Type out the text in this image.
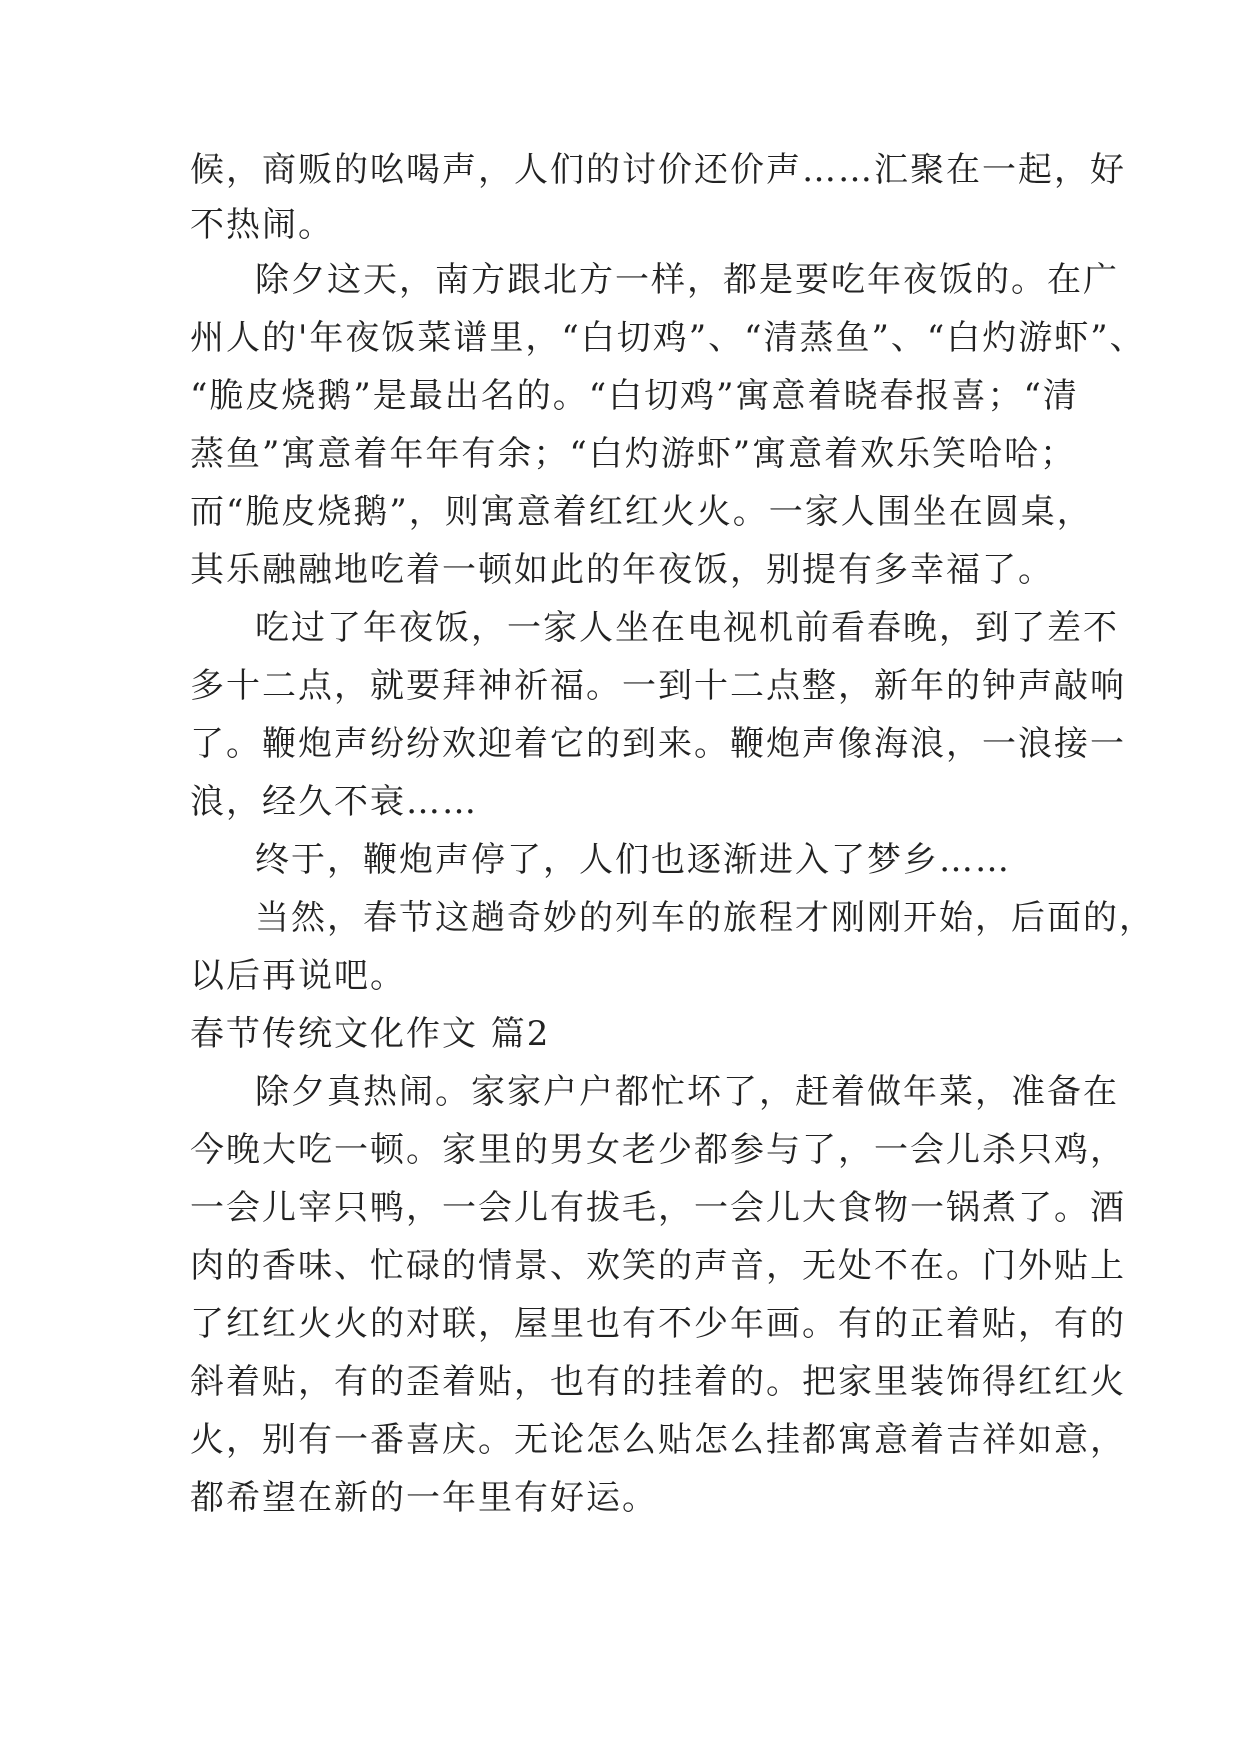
候，商贩的吆喝声，人们的讨价还价声……汇聚在一起，好
不热闹。
除夕这天，南方跟北方一样，都是要吃年夜饭的。在广
州人的'年夜饭菜谱里，“白切鸡”、“清蒸鱼”、“白灼游虾”、
“脆皮烧鹅”是最出名的。“白切鸡”寓意着晓春报喜；“清
蒸鱼”寓意着年年有余；“白灼游虾”寓意着欢乐笑哈哈；
而“脆皮烧鹅”，则寓意着红红火火。一家人围坐在圆桌，
其乐融融地吃着一顿如此的年夜饭，别提有多幸福了。
吃过了年夜饭，一家人坐在电视机前看春晚，到了差不
多十二点，就要拜神祈福。一到十二点整，新年的钟声敲响
了。鞭炮声纷纷欢迎着它的到来。鞭炮声像海浪，一浪接一
浪，经久不衰……
终于，鞭炮声停了，人们也逐渐进入了梦乡……
当然，春节这趟奇妙的列车的旅程才刚刚开始，后面的，
以后再说吧。
春节传统文化作文 篇2
除夕真热闹。家家户户都忙坏了，赶着做年菜，准备在
今晚大吃一顿。家里的男女老少都参与了，一会儿杀只鸡，
一会儿宰只鸭，一会儿有拔毛，一会儿大食物一锅煮了。酒
肉的香味、忙碌的情景、欢笑的声音，无处不在。门外贴上
了红红火火的对联，屋里也有不少年画。有的正着贴，有的
斜着贴，有的歪着贴，也有的挂着的。把家里装饰得红红火
火，别有一番喜庆。无论怎么贴怎么挂都寓意着吉祥如意，
都希望在新的一年里有好运。
